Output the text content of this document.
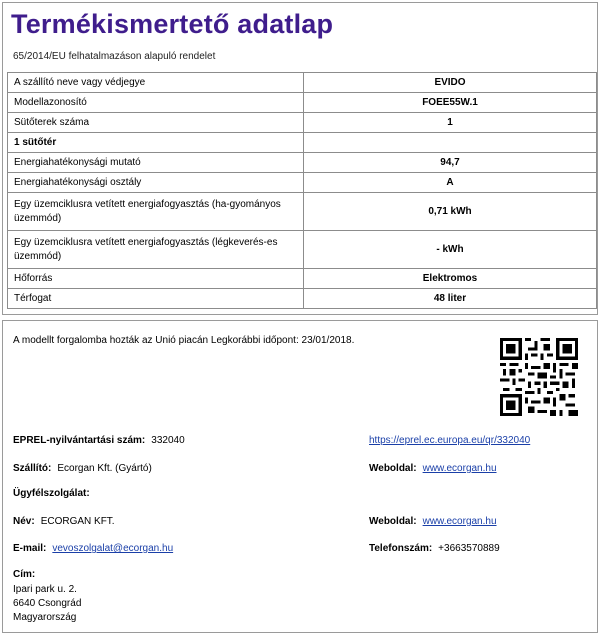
Termékismertető adatlap
65/2014/EU felhatalmazáson alapuló rendelet
A szállító neve vagy védjegye	EVIDO
Modellazonosító	FOEE55W.1
Sütőterek száma	1
1 sütőtér	
Energiahatékonysági mutató	94,7
Energiahatékonysági osztály	A
Egy üzemciklusra vetített energiafogyasztás (ha-gyományos üzemmód)	0,71 kWh
Egy üzemciklusra vetített energiafogyasztás (légkeverés-es üzemmód)	- kWh
Hőforrás	Elektromos
Térfogat	48 liter
A modellt forgalomba hozták az Unió piacán Legkorábbi időpont: 23/01/2018.
EPREL-nyilvántartási szám: 332040	https://eprel.ec.europa.eu/qr/332040
Szállító: Ecorgan Kft. (Gyártó)	Weboldal: www.ecorgan.hu
Ügyfélszolgálat:
Név: ECORGAN KFT.	Weboldal: www.ecorgan.hu
E-mail: vevoszolgalat@ecorgan.hu	Telefonszám: +3663570889
Cím:
Ipari park u. 2.
6640 Csongrád
Magyarország
